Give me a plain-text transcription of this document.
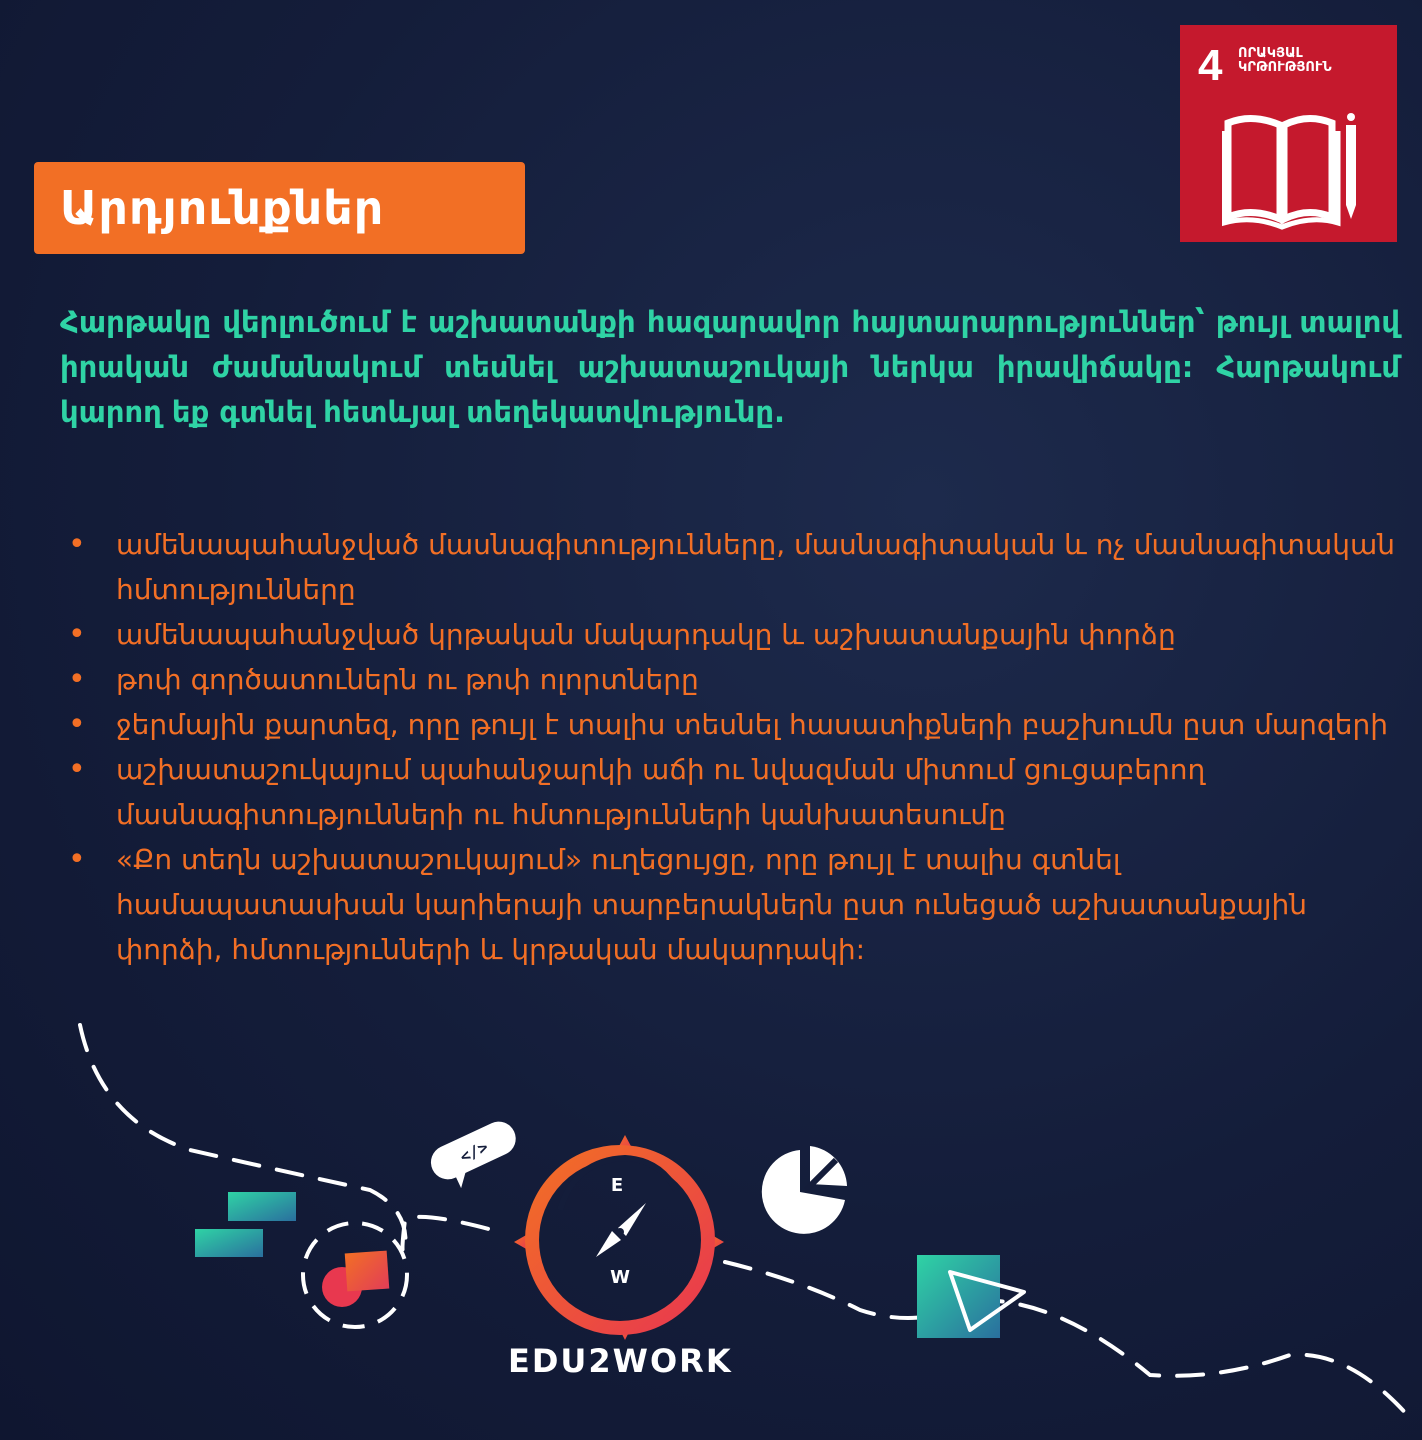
Արդյունքներ
4 ՈՐԱԿՅԱԼ ԿՐԹՈՒԹՅՈՒՆ

Հարթակը վերլուծում է աշխատանքի հազարավոր հայտարարություններ՝ թույլ տալով իրական ժամանակում տեսնել աշխատաշուկայի ներկա իրավիճակը: Հարթակում կարող եք գտնել հետևյալ տեղեկատվությունը.

• ամենապահանջված մասնագիտությունները, մասնագիտական և ոչ մասնագիտական հմտությունները
• ամենապահանջված կրթական մակարդակը և աշխատանքային փորձը
• թոփ գործատուներն ու թոփ ոլորտները
• ջերմային քարտեզ, որը թույլ է տալիս տեսնել հասատիքների բաշխումն ըստ մարզերի
• աշխատաշուկայում պահանջարկի աճի ու նվազման միտում ցուցաբերող մասնագիտությունների ու հմտությունների կանխատեսումը
• «Քո տեղն աշխատաշուկայում» ուղեցույցը, որը թույլ է տալիս գտնել համապատասխան կարիերայի տարբերակներն ըստ ունեցած աշխատանքային փորձի, հմտությունների և կրթական մակարդակի:
</>
E
W
EDU2WORK
